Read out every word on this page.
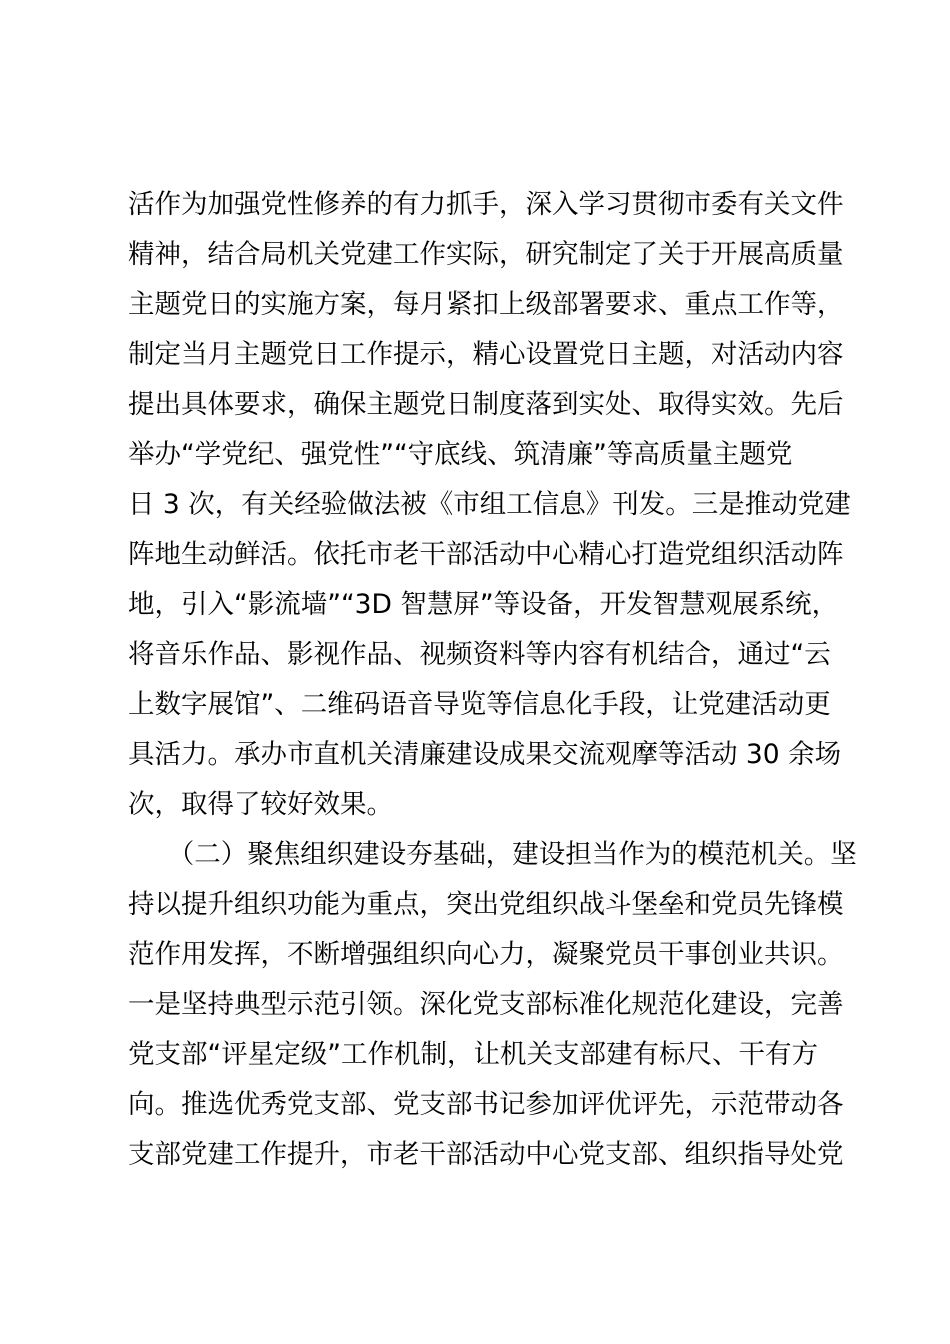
活作为加强党性修养的有力抓手，深入学习贯彻市委有关文件
精神，结合局机关党建工作实际，研究制定了关于开展高质量
主题党日的实施方案，每月紧扣上级部署要求、重点工作等，
制定当月主题党日工作提示，精心设置党日主题，对活动内容
提出具体要求，确保主题党日制度落到实处、取得实效。先后
举办“学党纪、强党性”“守底线、筑清廉”等高质量主题党
日 3 次，有关经验做法被《市组工信息》刊发。三是推动党建
阵地生动鲜活。依托市老干部活动中心精心打造党组织活动阵
地，引入“影流墙”“3D 智慧屏”等设备，开发智慧观展系统，
将音乐作品、影视作品、视频资料等内容有机结合，通过“云
上数字展馆”、二维码语音导览等信息化手段，让党建活动更
具活力。承办市直机关清廉建设成果交流观摩等活动 30 余场
次，取得了较好效果。
　　（二）聚焦组织建设夯基础，建设担当作为的模范机关。坚
持以提升组织功能为重点，突出党组织战斗堡垒和党员先锋模
范作用发挥，不断增强组织向心力，凝聚党员干事创业共识。
一是坚持典型示范引领。深化党支部标准化规范化建设，完善
党支部“评星定级”工作机制，让机关支部建有标尺、干有方
向。推选优秀党支部、党支部书记参加评优评先，示范带动各
支部党建工作提升，市老干部活动中心党支部、组织指导处党
